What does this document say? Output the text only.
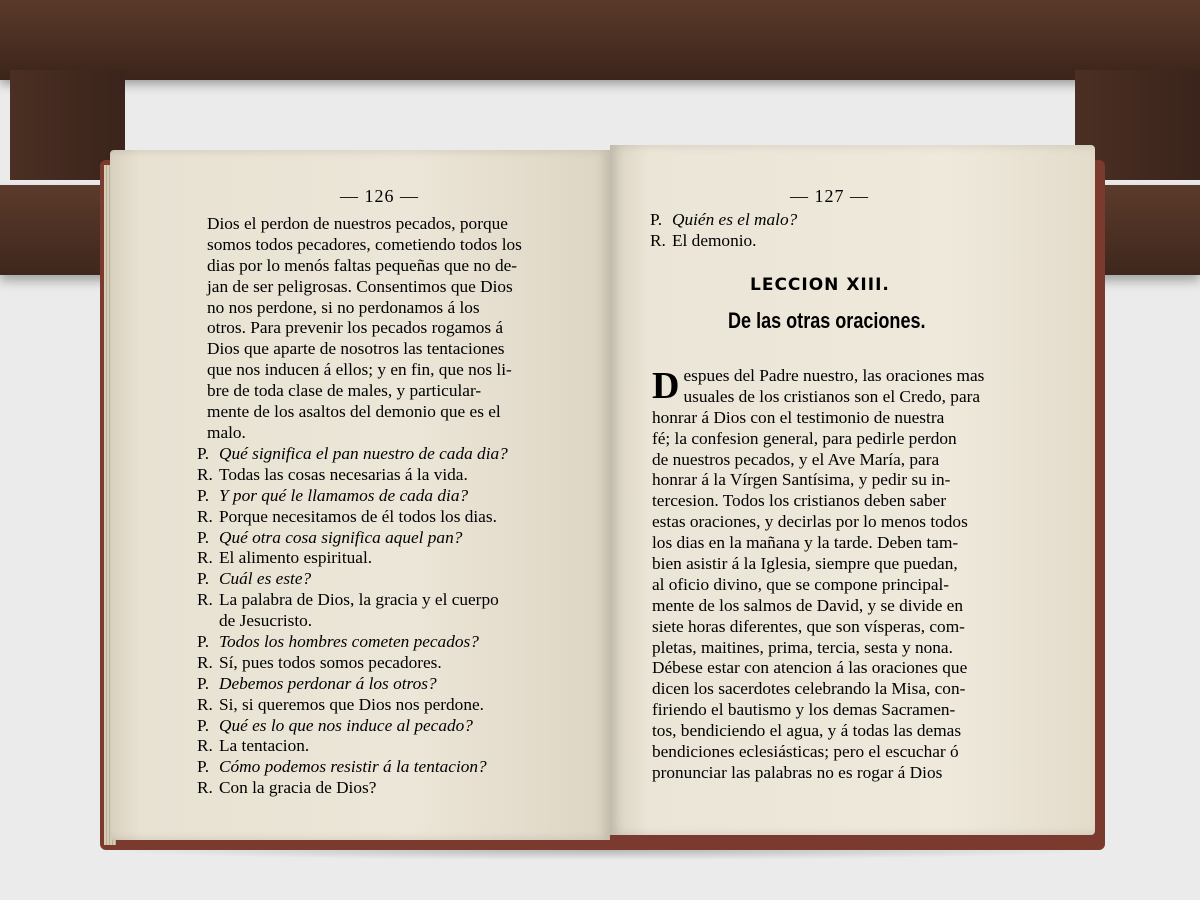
— 126 —
Dios el perdon de nuestros pecados, porque
somos todos pecadores, cometiendo todos los
dias por lo menós faltas pequeñas que no de-
jan de ser peligrosas. Consentimos que Dios
no nos perdone, si no perdonamos á los
otros. Para prevenir los pecados rogamos á
Dios que aparte de nosotros las tentaciones
que nos inducen á ellos; y en fin, que nos li-
bre de toda clase de males, y particular-
mente de los asaltos del demonio que es el
malo.
P. Qué significa el pan nuestro de cada dia?
R. Todas las cosas necesarias á la vida.
P. Y por qué le llamamos de cada dia?
R. Porque necesitamos de él todos los dias.
P. Qué otra cosa significa aquel pan?
R. El alimento espiritual.
P. Cuál es este?
R. La palabra de Dios, la gracia y el cuerpo
de Jesucristo.
P. Todos los hombres cometen pecados?
R. Sí, pues todos somos pecadores.
P. Debemos perdonar á los otros?
R. Si, si queremos que Dios nos perdone.
P. Qué es lo que nos induce al pecado?
R. La tentacion.
P. Cómo podemos resistir á la tentacion?
R. Con la gracia de Dios?
— 127 —
P. Quién es el malo?
R. El demonio.
LECCION XIII.
De las otras oraciones.
D espues del Padre nuestro, las oraciones mas
usuales de los cristianos son el Credo, para
honrar á Dios con el testimonio de nuestra
fé; la confesion general, para pedirle perdon
de nuestros pecados, y el Ave María, para
honrar á la Vírgen Santísima, y pedir su in-
tercesion. Todos los cristianos deben saber
estas oraciones, y decirlas por lo menos todos
los dias en la mañana y la tarde. Deben tam-
bien asistir á la Iglesia, siempre que puedan,
al oficio divino, que se compone principal-
mente de los salmos de David, y se divide en
siete horas diferentes, que son vísperas, com-
pletas, maitines, prima, tercia, sesta y nona.
Débese estar con atencion á las oraciones que
dicen los sacerdotes celebrando la Misa, con-
firiendo el bautismo y los demas Sacramen-
tos, bendiciendo el agua, y á todas las demas
bendiciones eclesiásticas; pero el escuchar ó
pronunciar las palabras no es rogar á Dios
